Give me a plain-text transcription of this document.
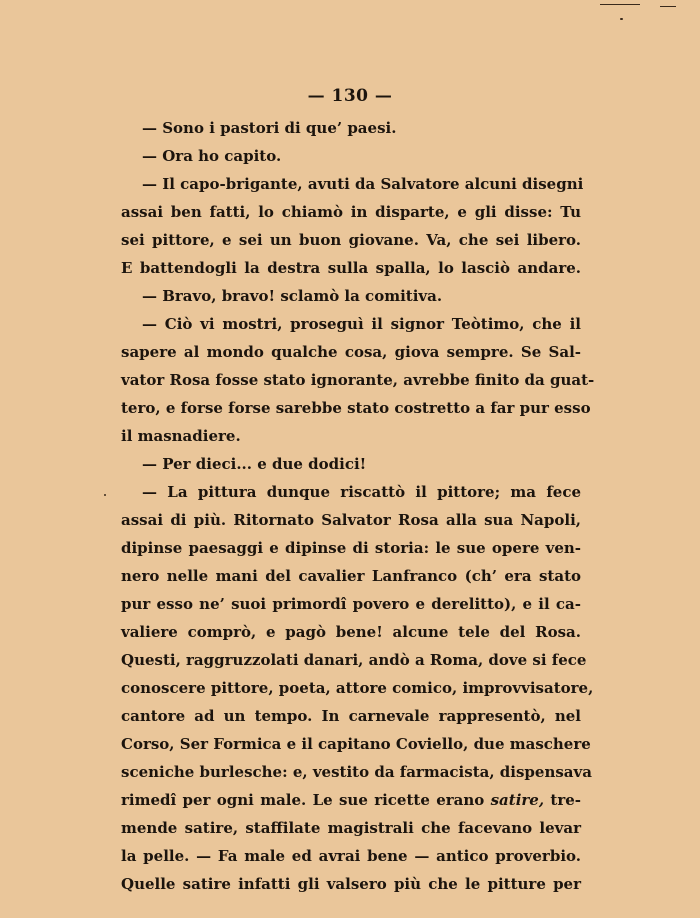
— 130 —
— Sono i pastori di que’ paesi.
— Ora ho capito.
— Il capo-brigante, avuti da Salvatore alcuni disegni
assai ben fatti, lo chiamò in disparte, e gli disse: Tu
sei pittore, e sei un buon giovane. Va, che sei libero.
E battendogli la destra sulla spalla, lo lasciò andare.
— Bravo, bravo! sclamò la comitiva.
— Ciò vi mostri, proseguì il signor Teòtimo, che il
sapere al mondo qualche cosa, giova sempre. Se Sal-
vator Rosa fosse stato ignorante, avrebbe finito da guat-
tero, e forse forse sarebbe stato costretto a far pur esso
il masnadiere.
— Per dieci... e due dodici!
— La pittura dunque riscattò il pittore; ma fece
assai di più. Ritornato Salvator Rosa alla sua Napoli,
dipinse paesaggi e dipinse di storia: le sue opere ven-
nero nelle mani del cavalier Lanfranco (ch’ era stato
pur esso ne’ suoi primordî povero e derelitto), e il ca-
valiere comprò, e pagò bene! alcune tele del Rosa.
Questi, raggruzzolati danari, andò a Roma, dove si fece
conoscere pittore, poeta, attore comico, improvvisatore,
cantore ad un tempo. In carnevale rappresentò, nel
Corso, Ser Formica e il capitano Coviello, due maschere
sceniche burlesche: e, vestito da farmacista, dispensava
rimedî per ogni male. Le sue ricette erano satire, tre-
mende satire, staffilate magistrali che facevano levar
la pelle. — Fa male ed avrai bene — antico proverbio.
Quelle satire infatti gli valsero più che le pitture per
